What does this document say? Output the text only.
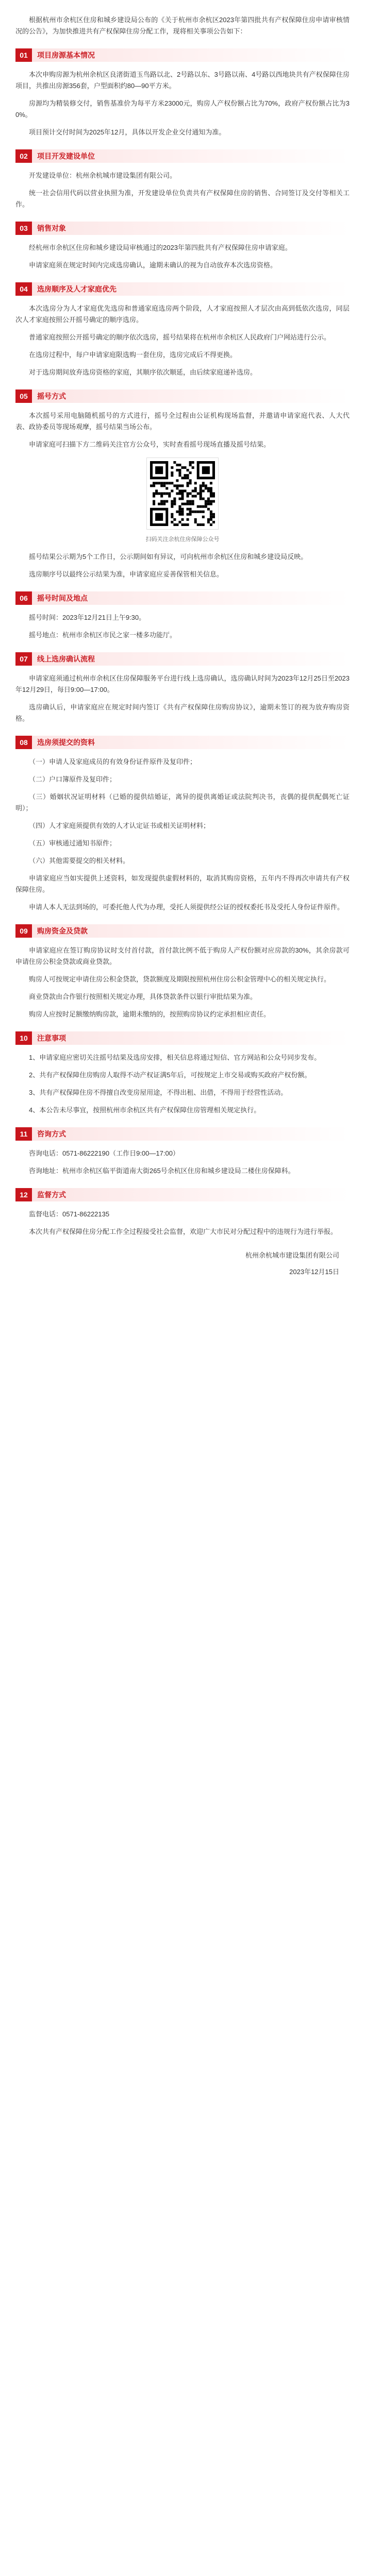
根据杭州市余杭区住房和城乡建设局公布的《关于杭州市余杭区2023年第四批共有产权保障住房申请审核情况的公告》，为加快推进共有产权保障住房分配工作，现将相关事项公告如下：

01	项目房源基本情况

本次申购房源为杭州余杭区良渚街道玉鸟路以北、2号路以东、3号路以南、4号路以西地块共有产权保障住房项目，共推出房源356套，户型面积约80—90平方米。

房源均为精装修交付，销售基准价为每平方米23000元，购房人产权份额占比为70%，政府产权份额占比为30%。

项目预计交付时间为2025年12月，具体以开发企业交付通知为准。

02	项目开发建设单位

开发建设单位：杭州余杭城市建设集团有限公司。

统一社会信用代码以营业执照为准，开发建设单位负责共有产权保障住房的销售、合同签订及交付等相关工作。

03	销售对象

经杭州市余杭区住房和城乡建设局审核通过的2023年第四批共有产权保障住房申请家庭。

申请家庭须在规定时间内完成选房确认，逾期未确认的视为自动放弃本次选房资格。

04	选房顺序及人才家庭优先

本次选房分为人才家庭优先选房和普通家庭选房两个阶段，人才家庭按照人才层次由高到低依次选房，同层次人才家庭按照公开摇号确定的顺序选房。

普通家庭按照公开摇号确定的顺序依次选房，摇号结果将在杭州市余杭区人民政府门户网站进行公示。

在选房过程中，每户申请家庭限选购一套住房，选房完成后不得更换。

对于选房期间放弃选房资格的家庭，其顺序依次顺延，由后续家庭递补选房。

05	摇号方式

本次摇号采用电脑随机摇号的方式进行，摇号全过程由公证机构现场监督，并邀请申请家庭代表、人大代表、政协委员等现场观摩，摇号结果当场公布。

申请家庭可扫描下方二维码关注官方公众号，实时查看摇号现场直播及摇号结果。

扫码关注余杭住房保障公众号

摇号结果公示期为5个工作日，公示期间如有异议，可向杭州市余杭区住房和城乡建设局反映。

选房顺序号以最终公示结果为准，申请家庭应妥善保管相关信息。

06	摇号时间及地点

摇号时间：2023年12月21日上午9:30。

摇号地点：杭州市余杭区市民之家一楼多功能厅。

07	线上选房确认流程

申请家庭须通过杭州市余杭区住房保障服务平台进行线上选房确认，选房确认时间为2023年12月25日至2023年12月29日，每日9:00—17:00。

选房确认后，申请家庭应在规定时间内签订《共有产权保障住房购房协议》，逾期未签订的视为放弃购房资格。

08	选房须提交的资料

（一）申请人及家庭成员的有效身份证件原件及复印件；

（二）户口簿原件及复印件；

（三）婚姻状况证明材料（已婚的提供结婚证，离异的提供离婚证或法院判决书，丧偶的提供配偶死亡证明）；

（四）人才家庭须提供有效的人才认定证书或相关证明材料；

（五）审核通过通知书原件；

（六）其他需要提交的相关材料。

申请家庭应当如实提供上述资料，如发现提供虚假材料的，取消其购房资格，五年内不得再次申请共有产权保障住房。

申请人本人无法到场的，可委托他人代为办理，受托人须提供经公证的授权委托书及受托人身份证件原件。

09	购房资金及贷款

申请家庭应在签订购房协议时支付首付款，首付款比例不低于购房人产权份额对应房款的30%，其余房款可申请住房公积金贷款或商业贷款。

购房人可按规定申请住房公积金贷款，贷款额度及期限按照杭州住房公积金管理中心的相关规定执行。

商业贷款由合作银行按照相关规定办理，具体贷款条件以银行审批结果为准。

购房人应按时足额缴纳购房款，逾期未缴纳的，按照购房协议约定承担相应责任。

10	注意事项

1、申请家庭应密切关注摇号结果及选房安排，相关信息将通过短信、官方网站和公众号同步发布。

2、共有产权保障住房购房人取得不动产权证满5年后，可按规定上市交易或购买政府产权份额。

3、共有产权保障住房不得擅自改变房屋用途，不得出租、出借，不得用于经营性活动。

4、本公告未尽事宜，按照杭州市余杭区共有产权保障住房管理相关规定执行。

11	咨询方式

咨询电话：0571-86222190（工作日9:00—17:00）

咨询地址：杭州市余杭区临平街道南大街265号余杭区住房和城乡建设局二楼住房保障科。

12	监督方式

监督电话：0571-86222135

本次共有产权保障住房分配工作全过程接受社会监督，欢迎广大市民对分配过程中的违规行为进行举报。

杭州余杭城市建设集团有限公司
2023年12月15日
